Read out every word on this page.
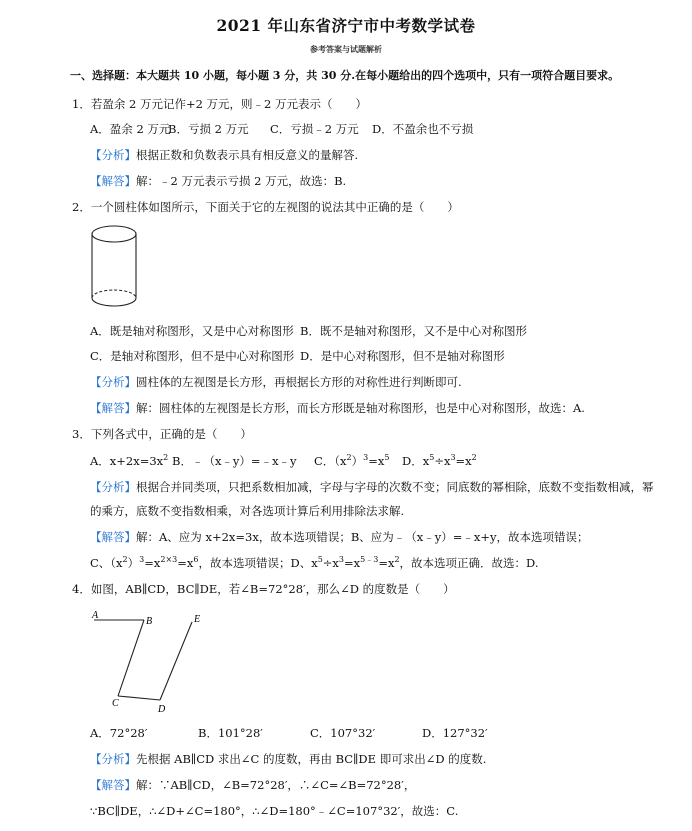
2021 年山东省济宁市中考数学试卷
参考答案与试题解析
一、选择题：本大题共 10 小题，每小题 3 分，共 30 分.在每小题给出的四个选项中，只有一项符合题目要求。
1．若盈余 2 万元记作+2 万元，则﹣2 万元表示（　　）
A．盈余 2 万元B．亏损 2 万元 C．亏损﹣2 万元 D．不盈余也不亏损
【分析】根据正数和负数表示具有相反意义的量解答.
【解答】解：﹣2 万元表示亏损 2 万元，故选：B.
2．一个圆柱体如图所示，下面关于它的左视图的说法其中正确的是（　　）
A．既是轴对称图形，又是中心对称图形 B．既不是轴对称图形，又不是中心对称图形
C．是轴对称图形，但不是中心对称图形 D．是中心对称图形，但不是轴对称图形
【分析】圆柱体的左视图是长方形，再根据长方形的对称性进行判断即可.
【解答】解：圆柱体的左视图是长方形，而长方形既是轴对称图形，也是中心对称图形，故选：A.
3．下列各式中，正确的是（　　）
A．$x+2x=3x^2$ B．﹣（x﹣y）=﹣x﹣y C．$(x^2)^3=x^5$ D．$x^5\div x^3=x^2$
【分析】根据合并同类项，只把系数相加减，字母与字母的次数不变；同底数的幂相除，底数不变指数相减，幂
的乘方，底数不变指数相乘，对各选项计算后利用排除法求解.
【解答】解：A、应为 x+2x=3x，故本选项错误；B、应为﹣（x﹣y）=﹣x+y，故本选项错误；
C、$(x^2)^3=x^{2\times 3}=x^6$，故本选项错误；D、$x^5\div x^3=x^{5﹣3}=x^2$，故本选项正确．故选：D.
4．如图，AB∥CD，BC∥DE，若∠B=72°28′，那么∠D 的度数是（　　）
A
B	E
C
D
A．72°28′	B．101°28′	C．107°32′	D．127°32′
【分析】先根据 AB∥CD 求出∠C 的度数，再由 BC∥DE 即可求出∠D 的度数.
【解答】解：∵AB∥CD，∠B=72°28′，∴∠C=∠B=72°28′，
∵BC∥DE，∴∠D+∠C=180°，∴∠D=180°﹣∠C=107°32′，故选：C.
